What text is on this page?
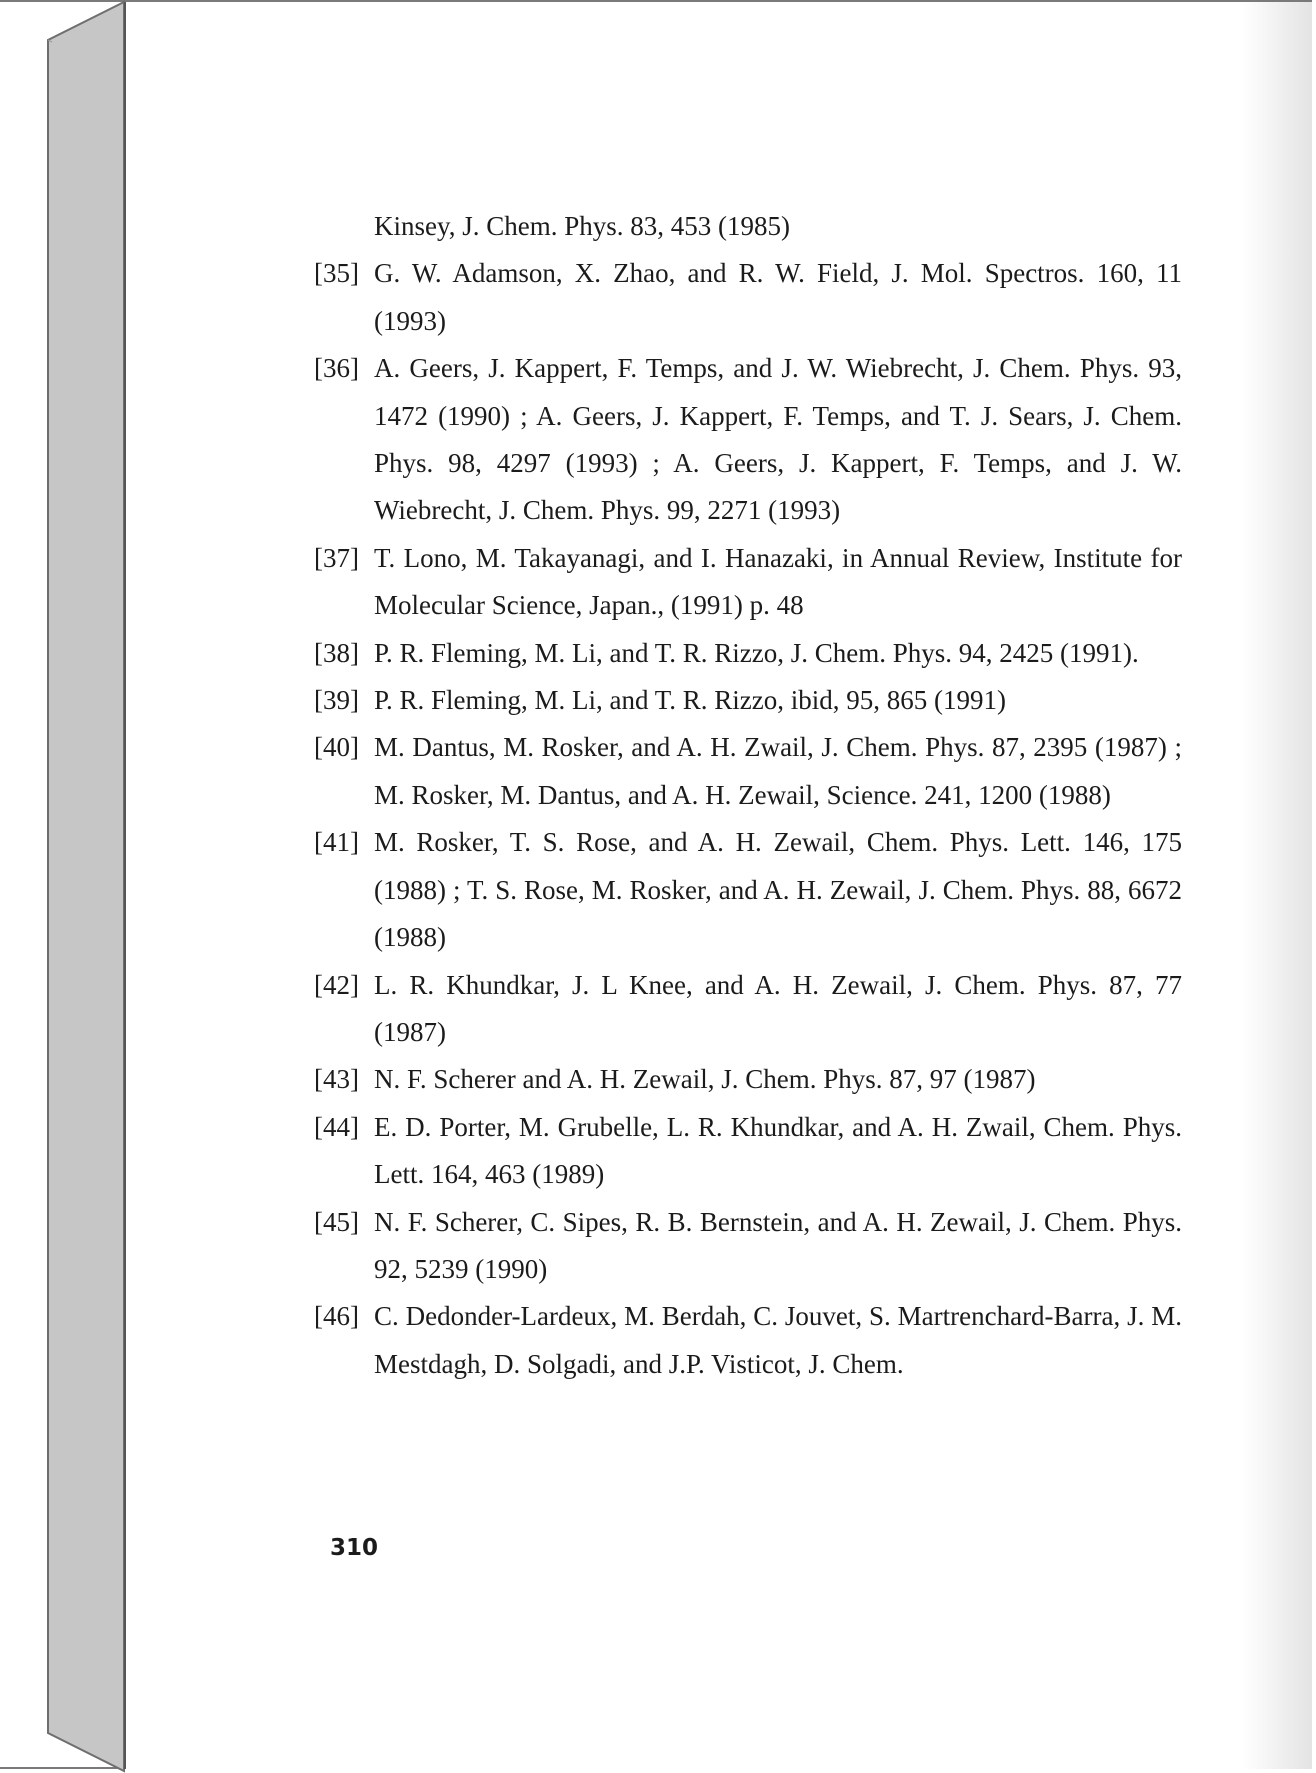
Kinsey, J. Chem. Phys. 83, 453 (1985)
[35] G. W. Adamson, X. Zhao, and R. W. Field, J. Mol. Spectros. 160, 11 (1993)
[36] A. Geers, J. Kappert, F. Temps, and J. W. Wiebrecht, J. Chem. Phys. 93, 1472 (1990) ; A. Geers, J. Kappert, F. Temps, and T. J. Sears, J. Chem. Phys. 98, 4297 (1993) ; A. Geers, J. Kappert, F. Temps, and J. W. Wiebrecht, J. Chem. Phys. 99, 2271 (1993)
[37] T. Lono, M. Takayanagi, and I. Hanazaki, in Annual Review, Institute for Molecular Science, Japan., (1991) p. 48
[38] P. R. Fleming, M. Li, and T. R. Rizzo, J. Chem. Phys. 94, 2425 (1991).
[39] P. R. Fleming, M. Li, and T. R. Rizzo, ibid, 95, 865 (1991)
[40] M. Dantus, M. Rosker, and A. H. Zwail, J. Chem. Phys. 87, 2395 (1987) ; M. Rosker, M. Dantus, and A. H. Zewail, Science. 241, 1200 (1988)
[41] M. Rosker, T. S. Rose, and A. H. Zewail, Chem. Phys. Lett. 146, 175 (1988) ; T. S. Rose, M. Rosker, and A. H. Zewail, J. Chem. Phys. 88, 6672 (1988)
[42] L. R. Khundkar, J. L Knee, and A. H. Zewail, J. Chem. Phys. 87, 77 (1987)
[43] N. F. Scherer and A. H. Zewail, J. Chem. Phys. 87, 97 (1987)
[44] E. D. Porter, M. Grubelle, L. R. Khundkar, and A. H. Zwail, Chem. Phys. Lett. 164, 463 (1989)
[45] N. F. Scherer, C. Sipes, R. B. Bernstein, and A. H. Zewail, J. Chem. Phys. 92, 5239 (1990)
[46] C. Dedonder-Lardeux, M. Berdah, C. Jouvet, S. Martrenchard-Barra, J. M. Mestdagh, D. Solgadi, and J.P. Visticot, J. Chem.
310
